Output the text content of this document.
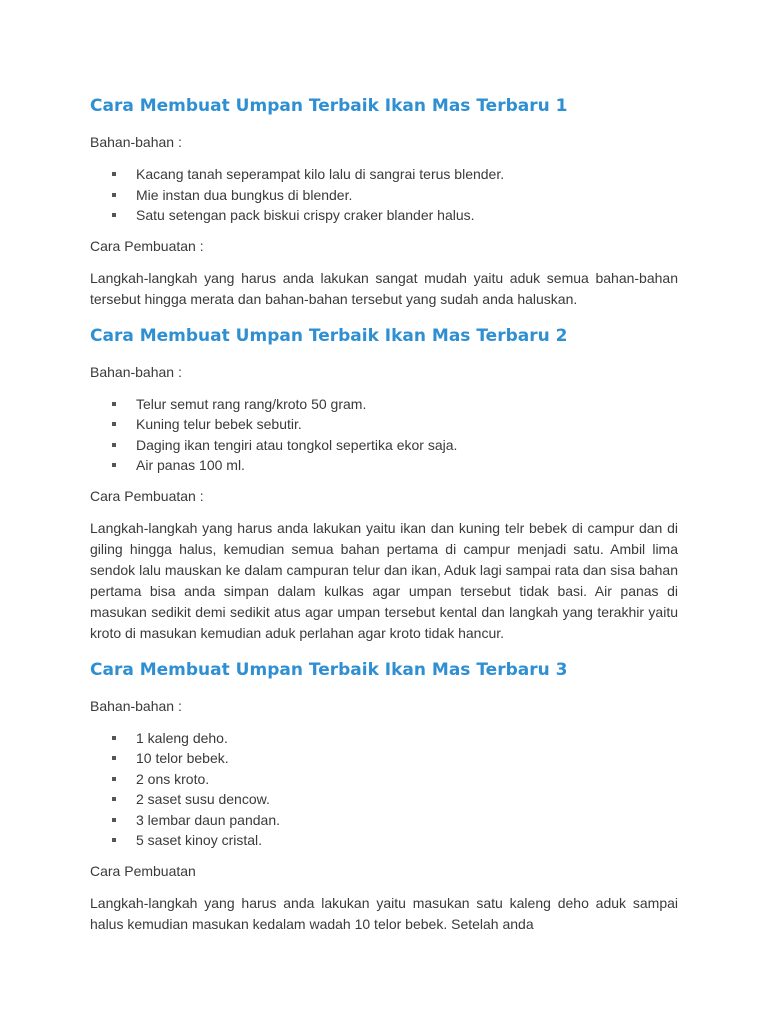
Cara Membuat Umpan Terbaik Ikan Mas Terbaru 1
Bahan-bahan :
Kacang tanah seperampat kilo lalu di sangrai terus blender.
Mie instan dua bungkus di blender.
Satu setengan pack biskui crispy craker blander halus.
Cara Pembuatan :

Langkah-langkah yang harus anda lakukan sangat mudah yaitu aduk semua bahan-bahan tersebut hingga merata dan bahan-bahan tersebut yang sudah anda haluskan.

Cara Membuat Umpan Terbaik Ikan Mas Terbaru 2
Bahan-bahan :
Telur semut rang rang/kroto 50 gram.
Kuning telur bebek sebutir.
Daging ikan tengiri atau tongkol sepertika ekor saja.
Air panas 100 ml.
Cara Pembuatan :

Langkah-langkah yang harus anda lakukan yaitu ikan dan kuning telr bebek di campur dan di giling hingga halus, kemudian semua bahan pertama di campur menjadi satu. Ambil lima sendok lalu mauskan ke dalam campuran telur dan ikan, Aduk lagi sampai rata dan sisa bahan pertama bisa anda simpan dalam kulkas agar umpan tersebut tidak basi. Air panas di masukan sedikit demi sedikit atus agar umpan tersebut kental dan langkah yang terakhir yaitu kroto di masukan kemudian aduk perlahan agar kroto tidak hancur.

Cara Membuat Umpan Terbaik Ikan Mas Terbaru 3
Bahan-bahan :
1 kaleng deho.
10 telor bebek.
2 ons kroto.
2 saset susu dencow.
3 lembar daun pandan.
5 saset kinoy cristal.
Cara Pembuatan

Langkah-langkah yang harus anda lakukan yaitu masukan satu kaleng deho aduk sampai halus kemudian masukan kedalam wadah 10 telor bebek. Setelah anda
